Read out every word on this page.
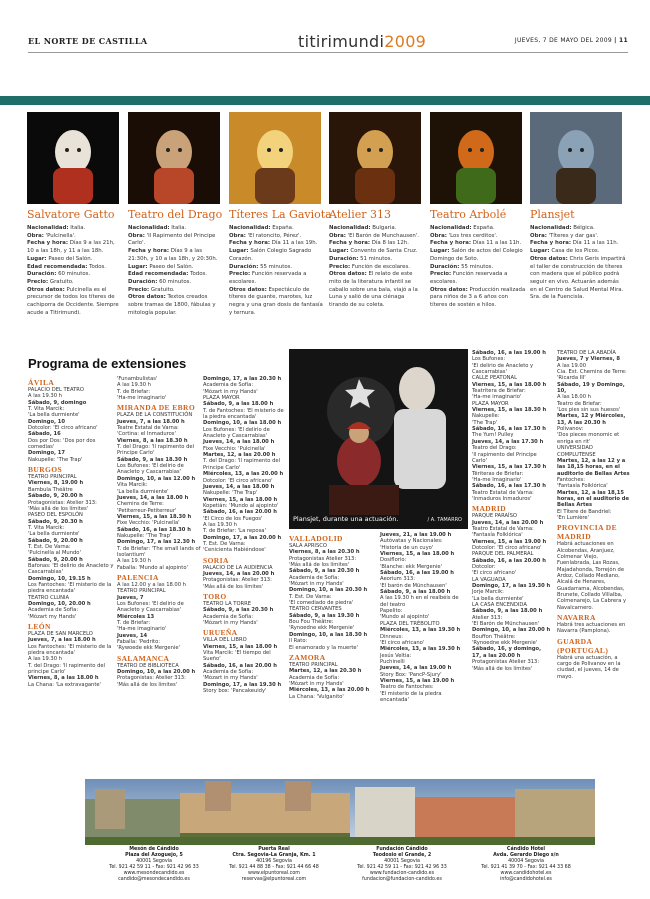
EL NORTE DE CASTILLA	titirimundi2009	JUEVES, 7 DE MAYO DEL 2009 | 11
Salvatore Gatto
Nacionalidad: Italia.
Obra: 'Pulcinella'.
Fecha y hora: Días 9 a las 21h, 10 a las 18h, y 11 a las 18h.
Lugar: Paseo del Salón.
Edad recomendada: Todos.
Duración: 60 minutos.
Precio: Gratuito.
Otros datos: Pulcinella es el precursor de todos los títeres de cachiporra de Occidente. Siempre acude a Titirimundi.
Teatro del Drago
Nacionalidad: Italia.
Obra: 'Il Rapimento del Principe Carlo'.
Fecha y hora: Días 9 a las 21:30h, y 10 a las 18h, y 20:30h.
Lugar: Paseo del Salón.
Edad recomendada: Todos.
Duración: 60 minutos.
Precio: Gratuito.
Otros datos: Textos creados sobre tramas de 1800, fábulas y mitología popular.
Títeres La Gaviota
Nacionalidad: España.
Obra: 'El ratoncito, Pérez'.
Fecha y hora: Día 11 a las 19h.
Lugar: Salón Colegio Sagrado Corazón.
Duración: 55 minutos.
Precio: Función reservada a escolares.
Otros datos: Espectáculo de títeres de guante, marotes, luz negra y una gran dosis de fantasía y ternura.
Atelier 313
Nacionalidad: Bulgaria.
Obra: 'El Barón de Munchausen'.
Fecha y hora: Día 8 las 12h.
Lugar: Convento de Santa Cruz.
Duración: 51 minutos.
Precio: Función de escolares.
Otros datos: El relato de este mito de la literatura infantil se caballo sobre una bala, viajó a la Luna y salió de una ciénaga tirando de su coleta.
Teatro Arbolé
Nacionalidad: España.
Obra: 'Los tres cerditos'.
Fecha y hora: Días 11 a las 11h.
Lugar: Salón de actos del Colegio Domingo de Soto.
Duración: 55 minutos.
Precio: Función reservada a escolares.
Otros datos: Producción realizada para niños de 3 a 6 años con títeres de sostén e hilos.
Plansjet
Nacionalidad: Bélgica.
Obra: 'Títeres y dar gas'.
Fecha y hora: Día 11 a las 11h.
Lugar: Casa de los Picos.
Otros datos: Chris Geris impartirá el taller de construcción de títeres con madera que el público podrá seguir en vivo. Actuarán además en el Centro de Salud Mental Mira. Sra. de la Fuencisla.
Programa de extensiones
ÁVILA
PALACIO DEL TEATRO
A las 19.30 h
Sábado, 9, domingo
T. Vita Marcik:
'La bella durmiente'
Domingo, 10
Dotcolor: 'El circo africano'
Sábado, 16
Dos por Dos: 'Dos por dos comedias'
Domingo, 17
Nakupelle: 'The Trap'
BURGOS
TEATRO PRINCIPAL
Viernes, 8, 19.00 h
Bambula Théâtre
Sábado, 9, 20.00 h
Protagonistas: Atelier 313:
'Más allá de los límites'
PASEO DEL ESPOLÓN
Sábado, 9, 20.30 h
T. Vita Marcik:
'La bella durmiente'
Sábado, 9, 20.00 h
T. Est. De Varna:
'Pulcinella al Mundo'
Sábado, 9, 20.00 h
Bafonas: 'El delirio de Anacleto y Cascarrabias'
Domingo, 10, 19.15 h
Los Fantoches: 'El misterio de la piedra encantada'
TEATRO CLUNIA
Domingo, 10, 20.00 h
Academia de Sofía:
'Mózart my Hands'
LEÓN
PLAZA DE SAN MARCELO
Jueves, 7, a las 18.00 h
Los Fantoches: 'El misterio de la piedra encantada'
A las 19.30 h
T. del Drago: 'Il rapimento del principe Carlo'
Viernes, 8, a las 18.00 h
La Chana: 'La extravagante'
'Funambulistas'
A las 19.30 h
T. de Briefar:
'Ha-me imaginario'
MIRANDA DE EBRO
PLAZA DE LA CONSTITUCIÓN
Jueves, 7, a las 18.00 h
Teatre Estatal de Varna:
'Cortina: el Inmaduros'
Viernes, 8, a las 18.30 h
T. del Drago: 'Il rapimento del Principe Carlo'
Sábado, 9, a las 18.30 h
Los Bufones: 'El delirio de Anacleto y Cascarrabias'
Domingo, 10, a las 12.00 h
Vita Marcik:
'La bella durmiente'
Jueves, 14, a las 18.00 h
Chemins de Terre:
'Petiterreur-Petiterreur'
Viernes, 15, a las 18.30 h
Fixe Vecchio: 'Pulcinella'
Sábado, 16, a las 18.30 h
Nakupelle: 'The Trap'
Domingo, 17, a las 12.30 h
T. de Briefar: 'The small lands of Isolantium'
A las 19.30 h
Faballa: 'Mundo al ajopinto'
PALENCIA
A las 12.00 y a las 18.00 h
TEATRO PRINCIPAL
Jueves, 7
Los Bufones: 'El delirio de Anacleto y Cascarrabias'
Miércoles 13
T. de Briefar:
'Ha-me imaginario'
Jueves, 14
Faballa: 'Pedrito:
'Rywoede ekk Mergenie'
SALAMANCA
TEATRO DE BIBLIOTECA
Domingo, 10, a las 20.00 h
Protagonistas: Atelier 313:
'Más allá de los límites'
Domingo, 17, a las 20.30 h
Academia de Sofía:
'Mózart in my Hands'
PLAZA MAYOR
Sábado, 9, a las 18.00 h
T. de Fantoches: 'El misterio de la piedra encantada'
Domingo, 10, a las 18.00 h
Los Bufones: 'El delirio de Anacleto y Cascarrabias'
Jueves, 14, a las 18.00 h
Fixe Vecchio: 'Pulcinella'
Martes, 12, a las 20.00 h
T. del Drago: 'Il rapimento del Principe Carlo'
Miércoles, 13, a las 20.00 h
Dotcolor: 'El circo africano'
Jueves, 14, a las 18.00 h
Nakupelle: 'The Trap'
Viernes, 15, a las 18.00 h
Kopetián: 'Mundo al ajopinto'
Sábado, 16, a las 20.00 h
'El Circo de los Fuegos'
A las 19.30 h
T. de Briefar: 'La reposa'
Domingo, 17, a las 20.00 h
T. Est. De Varna:
'Cenicienta Habiéndose'
SORIA
PALACIO DE LA AUDIENCIA
Jueves, 14, a las 20.00 h
Protagonistas: Atelier 313:
'Más allá de los límites'
TORO
TEATRO LA TORRE
Sábado, 9, a las 20.30 h
Academia de Sofía:
'Mózart in my Hands'
URUEÑA
VILLA DEL LIBRO
Viernes, 15, a las 18.00 h
Vita Marcik: 'El tiempo del Sueño'
Sábado, 16, a las 20.00 h
Academia de Sofía:
'Mózart in my Hands'
Domingo, 17, a las 19.30 h
Story box: 'Pancakeuidy'
VALLADOLID
SALA APRISCO
Viernes, 8, a las 20.30 h
Protagonistas Atelier 313:
'Más allá de los límites'
Sábado, 9, a las 20.30 h
Academia de Sofía:
'Mózart in my Hands'
Domingo, 10, a las 20.30 h
T. Est. De Varna:
'El comediado de piedra'
TEATRO CERVANTES
Sábado, 9, a las 19.30 h
Bou Fou Théâtre:
'Rynoedne ekk Mergenie'
Domingo, 10, a las 18.30 h
Il Rato:
El enamorado y la muerte'
ZAMORA
TEATRO PRINCIPAL
Martes, 12, a las 20.30 h
Academia de Sofía:
'Mózart in my Hands'
Miércoles, 13, a las 20.00 h
La Chana: 'Vulganito'
Jueves, 21, a las 19.00 h
Autóvatas y Nacionales:
'Historia de un cuyo'
Viernes, 15, a las 18.00 h
Dosiflorio:
'Blanche: ekk Mergenie'
Sábado, 16, a las 19.00 h
Aeorium 313:
'El barón de Münchausen'
Sábado, 9, a las 18.00 h
A las 19.30 h en el realbéis de del teatro
Papelito:
'Mundo al ajopinto'
PLAZA DEL TRÉBOLITO
Miércoles, 13, a las 19.30 h
Dinneus:
'El circo africano'
Miércoles, 13, a las 19.30 h
Jesús Veltia:
Puchinelli
Jueves, 14, a las 19.00 h
Story Box: 'PancP-Sjury'
Viernes, 15, a las 19.00 h
Teatro de Fantoches:
'El misterio de la piedra encantada'
Sábado, 16, a las 19.00 h
Los Bufones:
'El delirio de Anacleto y Cascarrabias'
CALLE PEATONAL
Viernes, 15, a las 18.00 h
Teatritera de Briefar:
'Ha-me imaginario'
PLAZA MAYOR
Viernes, 15, a las 18.30 h
Nakupelle:
'The Trap'
Sábado, 16, a las 17.30 h
The Yum! Pulley
Jueves, 14, a las 17.30 h
Teatro del Drago:
'Il rapimento del Principe Carlo'
Viernes, 15, a las 17.30 h
Tëriteras de Briefar:
'Ha-me Imaginario'
Sábado, 16, a las 17.30 h
Teatro Estatal de Varna:
'Inmaduros Inmaduros'
MADRID
PARQUE PARAÍSO
Jueves, 14, a las 20.00 h
Teatro Estatal de Varna:
'Fantasía Folklórica'
Viernes, 15, a las 19.00 h
Dotcolor: 'El circo africano'
PARQUE DEL PALMERAL
Sábado, 16, a las 20.00 h
Dotcolor:
'El circo africano'
LA VAGUADA
Domingo, 17, a las 19.30 h
Jorje Marcik:
'La bella durmiente'
LA CASA ENCENDIDA
Sábado, 9, a las 18.00 h
Atelier 313:
'El Barón de Münchausen'
Domingo, 10, a las 20.00 h
Bouffon Théâtre:
'Rynoedne ekk Mergenie'
Sábado, 16, y domingo, 17, a las 20.00 h
Protagonistas Atelier 313:
'Más allá de los límites'
TEATRO DE LA ABADÍA
Jueves, 7 y Viernes, 8
A las 19.00
Cia. Est. Chemins de Terre:
'Ricarda III'
Sábado, 19 y Domingo, 10,
A las 18.00 h
Teatro de Briefar:
'Los pies sin sus huesos'
Martes, 12 y Miércoles, 13, A las 20.30 h
Polivanov:
'Dos pieces monomic et enriga en rit'
UNIVERSIDAD COMPLUTENSE
Martes, 12, a las 12 y a las 18,15 horas, en el auditorio de Bellas Artes
Fantoches:
'Fantasía Folklórica'
Martes, 12, a las 18,15 horas, en el auditorio de Bellas Artes
El Títere de Bandriel:
'En Lumière'
PROVINCIA DE MADRID
Habrá actuaciones en Alcobendas, Aranjuez, Colmenar Viejo, Fuenlabrada, Las Rozas, Majadahonda, Torrejón de Ardoz, Collado Mediano, Alcalá de Henares, Guadarrama, Alcobendas, Brunete, Collado Villalba, Colmenarejo, La Cabrera y Navalcarnero.
NAVARRA
Habrá tres actuaciones en Navarra (Pamplona).
GUARDA (PORTUGAL)
Habrá una actuación, a cargo de Polivanov en la ciudad, el jueves, 14 de mayo.
Plansjet, durante una actuación.	/ A. TAMARRO
Mesón de Cándido
Plaza del Azoguejo, 5
40001 Segovia
Tel. 921 42 59 11 - Fax: 921 42 96 33
www.mesondecandido.es
candido@mesondecandido.es
Puerta Real
Ctra. Segovia-La Granja, Km. 1
40196 Segovia
Tel. 921 44 88 38 - Fax: 921 44 66 48
www.elpuntoreal.com
reservas@elpuntoreal.com
Fundación Cándido
Teodosio el Grande, 2
40001 Segovia
Tel. 921 42 59 11 - Fax: 921 42 96 33
www.fundacion-candido.es
fundacion@fundacion-candido.es
Cándido Hotel
Avda. Gerardo Diego s/n
40004 Segovia
Tel. 921 41 39 70 - Fax: 921 44 33 68
www.candidohotel.es
info@candidohotel.es
